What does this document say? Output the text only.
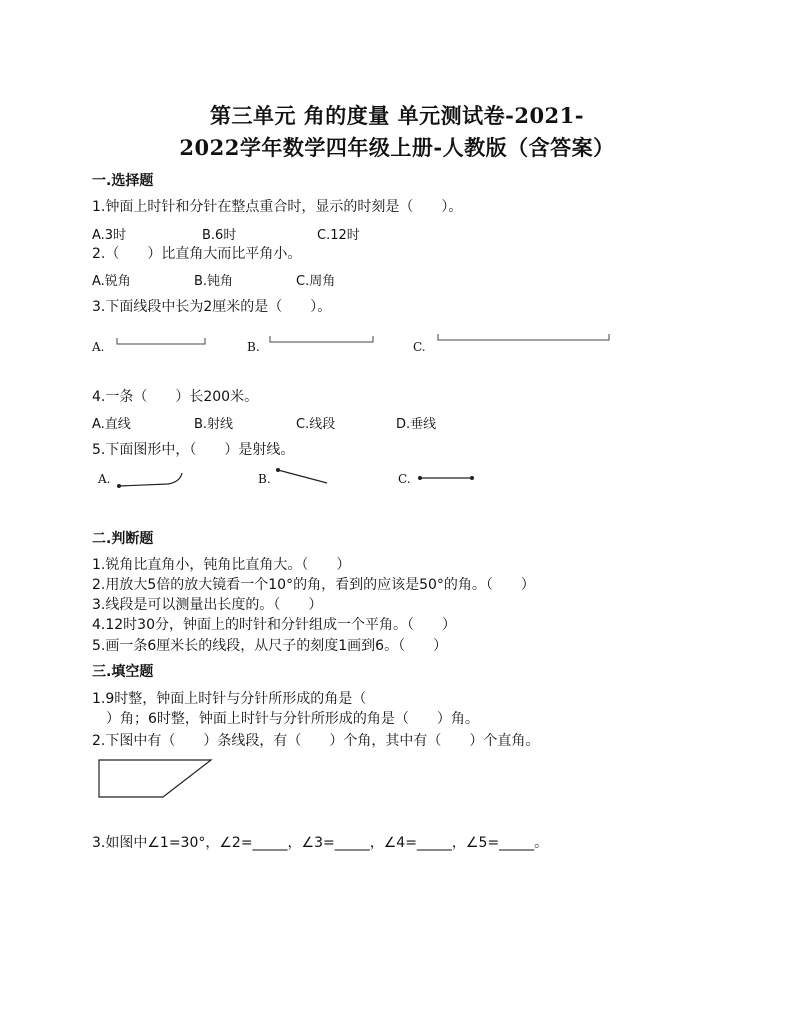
第三单元 角的度量 单元测试卷-2021-
2022学年数学四年级上册-人教版（含答案）
一.选择题
1.钟面上时针和分针在整点重合时，显示的时刻是（　　）。
A.3时	B.6时	C.12时
2.（　　）比直角大而比平角小。
A.锐角	B.钝角	C.周角
3.下面线段中长为2厘米的是（　　）。
A.	B.	C.
4.一条（　　）长200米。
A.直线	B.射线	C.线段	D.垂线
5.下面图形中，（　　）是射线。
A.	B.	C.
二.判断题
1.锐角比直角小，钝角比直角大。（　　）
2.用放大5倍的放大镜看一个10°的角，看到的应该是50°的角。（　　）
3.线段是可以测量出长度的。（　　）
4.12时30分，钟面上的时针和分针组成一个平角。（　　）
5.画一条6厘米长的线段，从尺子的刻度1画到6。（　　）
三.填空题
1.9时整，钟面上时针与分针所形成的角是（
　）角；6时整，钟面上时针与分针所形成的角是（　　）角。
2.下图中有（　　）条线段，有（　　）个角，其中有（　　）个直角。
3.如图中∠1=30°，∠2=_____，∠3=_____，∠4=_____，∠5=_____。
